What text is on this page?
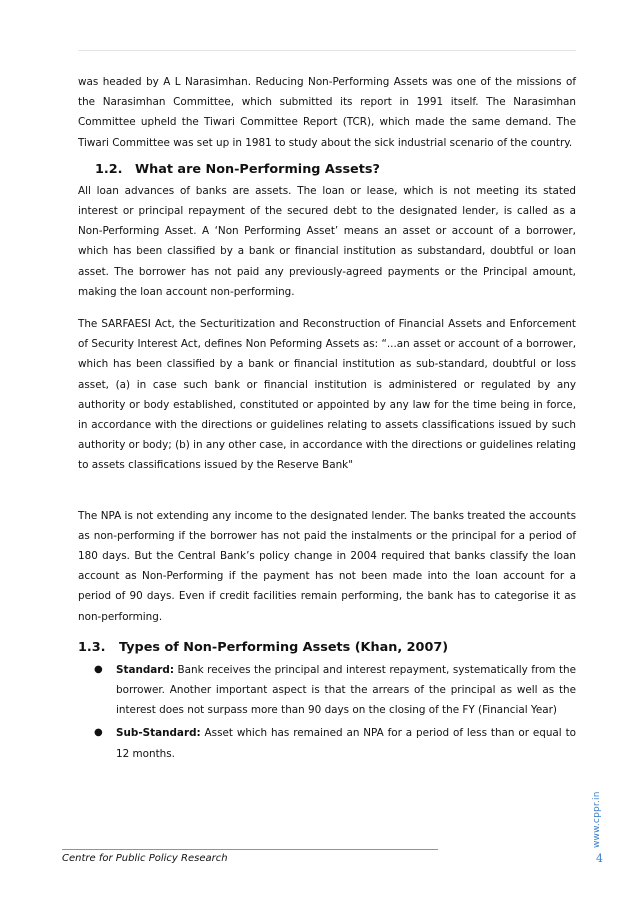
was headed by A L Narasimhan. Reducing Non-Performing Assets was one of the missions of the Narasimhan Committee, which submitted its report in 1991 itself. The Narasimhan Committee upheld the Tiwari Committee Report (TCR), which made the same demand. The Tiwari Committee was set up in 1981 to study about the sick industrial scenario of the country.

1.2. What are Non-Performing Assets?

All loan advances of banks are assets. The loan or lease, which is not meeting its stated interest or principal repayment of the secured debt to the designated lender, is called as a Non-Performing Asset. A ‘Non Performing Asset’ means an asset or account of a borrower, which has been classified by a bank or financial institution as substandard, doubtful or loan asset. The borrower has not paid any previously-agreed payments or the Principal amount, making the loan account non-performing.

The SARFAESI Act, the Secturitization and Reconstruction of Financial Assets and Enforcement of Security Interest Act, defines Non Peforming Assets as: “...an asset or account of a borrower, which has been classified by a bank or financial institution as sub-standard, doubtful or loss asset, (a) in case such bank or financial institution is administered or regulated by any authority or body established, constituted or appointed by any law for the time being in force, in accordance with the directions or guidelines relating to assets classifications issued by such authority or body; (b) in any other case, in accordance with the directions or guidelines relating to assets classifications issued by the Reserve Bank"

The NPA is not extending any income to the designated lender. The banks treated the accounts as non-performing if the borrower has not paid the instalments or the principal for a period of 180 days. But the Central Bank’s policy change in 2004 required that banks classify the loan account as Non-Performing if the payment has not been made into the loan account for a period of 90 days. Even if credit facilities remain performing, the bank has to categorise it as non-performing.

1.3. Types of Non-Performing Assets (Khan, 2007)
● Standard: Bank receives the principal and interest repayment, systematically from the borrower. Another important aspect is that the arrears of the principal as well as the interest does not surpass more than 90 days on the closing of the FY (Financial Year)
● Sub-Standard: Asset which has remained an NPA for a period of less than or equal to 12 months.
www.cppr.in
Centre for Public Policy Research	4
